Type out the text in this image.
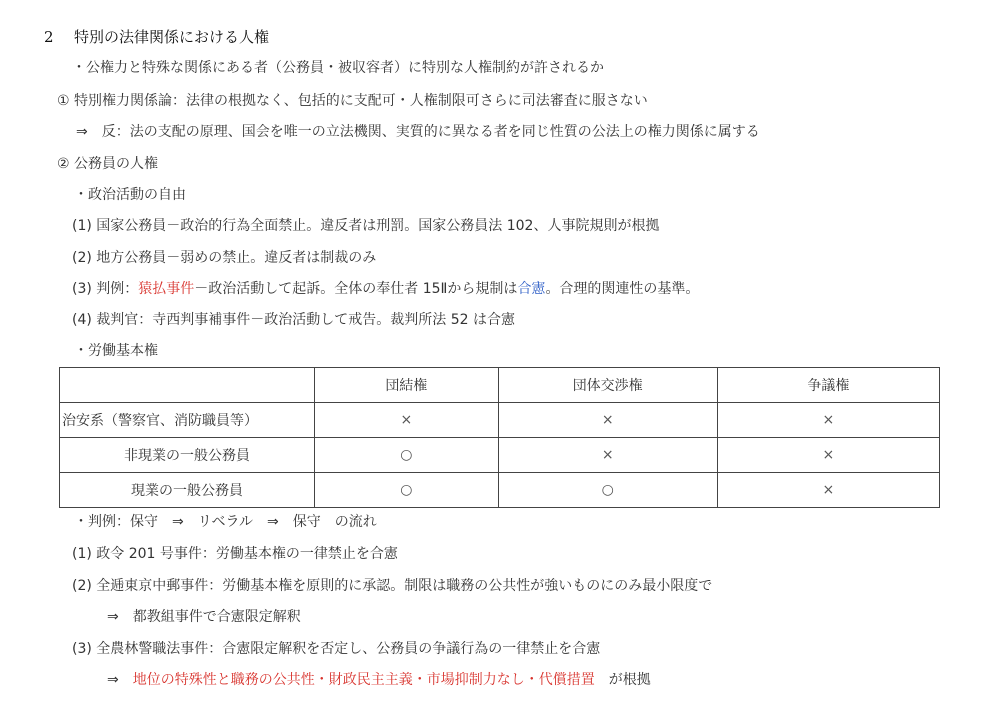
2 特別の法律関係における人権
・公権力と特殊な関係にある者（公務員・被収容者）に特別な人権制約が許されるか
① 特別権力関係論：法律の根拠なく、包括的に支配可・人権制限可さらに司法審査に服さない
⇒　反：法の支配の原理、国会を唯一の立法機関、実質的に異なる者を同じ性質の公法上の権力関係に属する
② 公務員の人権
・政治活動の自由
(1) 国家公務員－政治的行為全面禁止。違反者は刑罰。国家公務員法 102、人事院規則が根拠
(2) 地方公務員－弱めの禁止。違反者は制裁のみ
(3) 判例：猿払事件－政治活動して起訴。全体の奉仕者 15Ⅱから規制は合憲。合理的関連性の基準。
(4) 裁判官：寺西判事補事件－政治活動して戒告。裁判所法 52 は合憲
・労働基本権
	団結権	団体交渉権	争議権
治安系（警察官、消防職員等）	×	×	×
非現業の一般公務員	○	×	×
現業の一般公務員	○	○	×
・判例：保守　⇒　リベラル　⇒　保守　の流れ
(1) 政令 201 号事件：労働基本権の一律禁止を合憲
(2) 全逓東京中郵事件：労働基本権を原則的に承認。制限は職務の公共性が強いものにのみ最小限度で
⇒　都教組事件で合憲限定解釈
(3) 全農林警職法事件：合憲限定解釈を否定し、公務員の争議行為の一律禁止を合憲
⇒　地位の特殊性と職務の公共性・財政民主主義・市場抑制力なし・代償措置　が根拠
